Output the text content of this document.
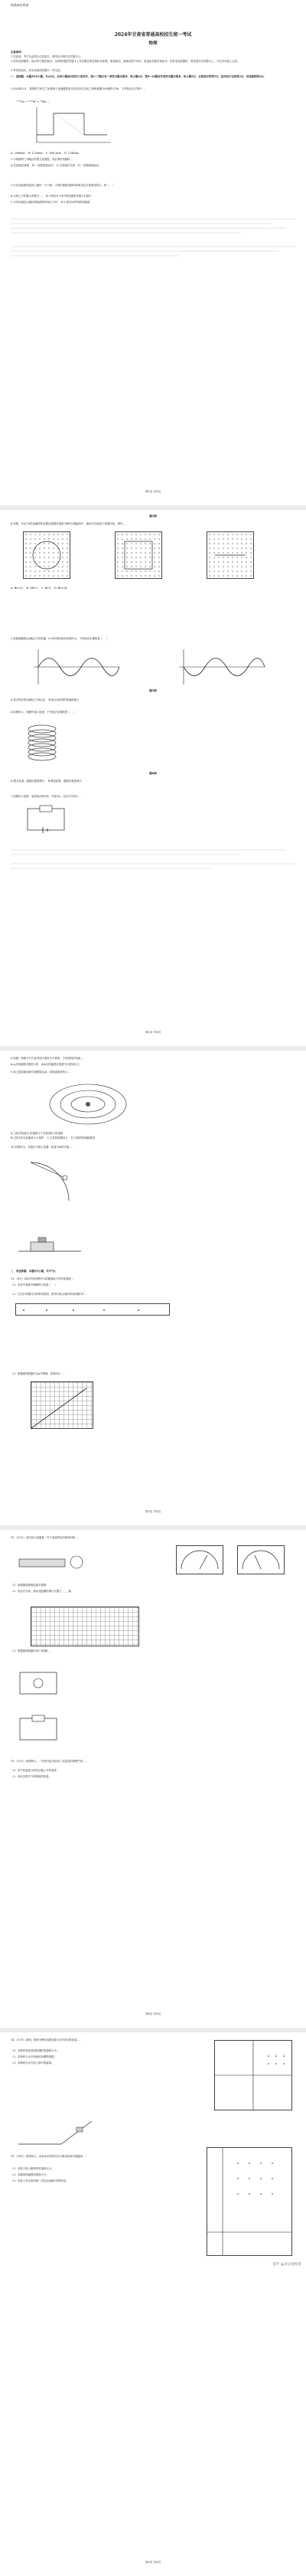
机密★启用前
2024年甘肃省普通高校招生统一考试
物理
注意事项：
1.答卷前，考生务必将自己的姓名、准考证号填写在答题卡上。
2.回答选择题时，选出每小题答案后，用2B铅笔把答题卡上对应题目的答案标号涂黑。如需改动，用橡皮擦干净后，再选涂其他答案标号。回答非选择题时，将答案写在答题卡上，写在本试卷上无效。
3.考试结束后，将本试卷和答题卡一并交回。
一、选择题：本题共10小题，共43分。在每小题给出的四个选项中，第1~7题只有一项符合题目要求，每小题4分；第8~10题有多项符合题目要求，每小题5分，全部选对的得5分，选对但不全的得3分，有选错的得0分。
1.2024年2月，我国科学家在兰州重离子加速器国家实验室首次合成了新核素锇-160和钨-156。下列核反应方程中 ...
¹⁶⁰Os → ¹⁵⁶W + ⁴He ...
A. 2066nm    B. 1239nm    C. 656.3nm    D. 1240nm
2.小明测得兰州地区的重力加速度，他在乘坐电梯时 ...
A.先加速后减速    B.一直做加速运动    C.先加速后匀速    D.一直做减速运动
3.小杰从地面竖直向上抛出一个小球，小球的速度v随时间t的变化关系如图所示，则（    ）
A.小球上升的最大高度为 ...    B.小球在0~t1内的加速度先增大后减小
C.小球从最高点落回到地面的时间大于t1    D.小球在t2时刻回到地面

第1页 共8页
题3图
4.如图，半径为r的金属圆环放置在磁感应强度为B的匀强磁场中，磁场方向垂直于纸面向里，圆环 ...
A. Br²ω/2    B. 2Br²ω    C. Br²ω    D. Br²ω/4
5.某简谐横波沿x轴正方向传播，t=0时刻的波形如图所示，下列说法正确的是（    ）
题5图
A.质点P此刻向y轴正方向运动    B.质点Q此刻的加速度最大
6.如图所示，线圈中通入电流，下列说法正确的是（    ）
题6图
A.增大电流，磁感应强度增大    B.增加匝数，磁感应强度减小
7.如图所示电路，电源电动势为E，内阻为r，闭合开关S后 ...

第2页 共8页
8.如图，两根平行长直导线中通有大小相等、方向相同的电流 ...
A.a点的磁感应强度为零    B.b点的磁感应强度方向竖直向上
9.某卫星绕地球做匀速圆周运动，其轨道如图所示 ...
A.卫星在轨道Ⅰ上的速度大于在轨道Ⅱ上的速度
B.卫星在P点加速度大小相等    C.卫星的周期变大    D.卫星的机械能增加
10.如图所示，光滑水平面上放置一质量为M的木板 ...
二、非选择题：本题共5小题，共57分。
11.（6分）某同学用如图所示装置测量小车的加速度 ...
（1）实验中需要平衡摩擦力的是（    ）
（2）打点计时器打出的纸带如图，相邻计数点间的时间间隔为T ...
（3）根据测得数据作出a-F图像，如图所示 ...
第3页 共8页
12.（10分）某实验小组测量一节干电池的电动势和内阻 ...
（1）请根据电路图连接实物图
（2）闭合开关前，滑动变阻器的滑片应置于 ____ 端
（3）根据测得数据作出U-I图像 ...
13.（10分）如图所示，一导热汽缸内封闭一定质量的理想气体 ...
（1）求气体温度升高后活塞上升的高度；
（2）求此过程中气体吸收的热量。
第4页 共8页
14.（13分）如图，倾角为θ的光滑斜面与水平面平滑连接 ...
（1）求物块到达斜面底端时的速度大小；
（2）求物块与水平面间的动摩擦因数；
（3）求物块在水平面上滑行的距离。
15.（18分）如图所示，在xOy平面内存在匀强电场和匀强磁场 ...
（1）求粒子进入磁场时的速度大小；
（2）求磁场的磁感应强度大小；
（3）求粒子从出发到第二次经过x轴所用的时间。
知乎 @北京观察者
第5页 共8页
